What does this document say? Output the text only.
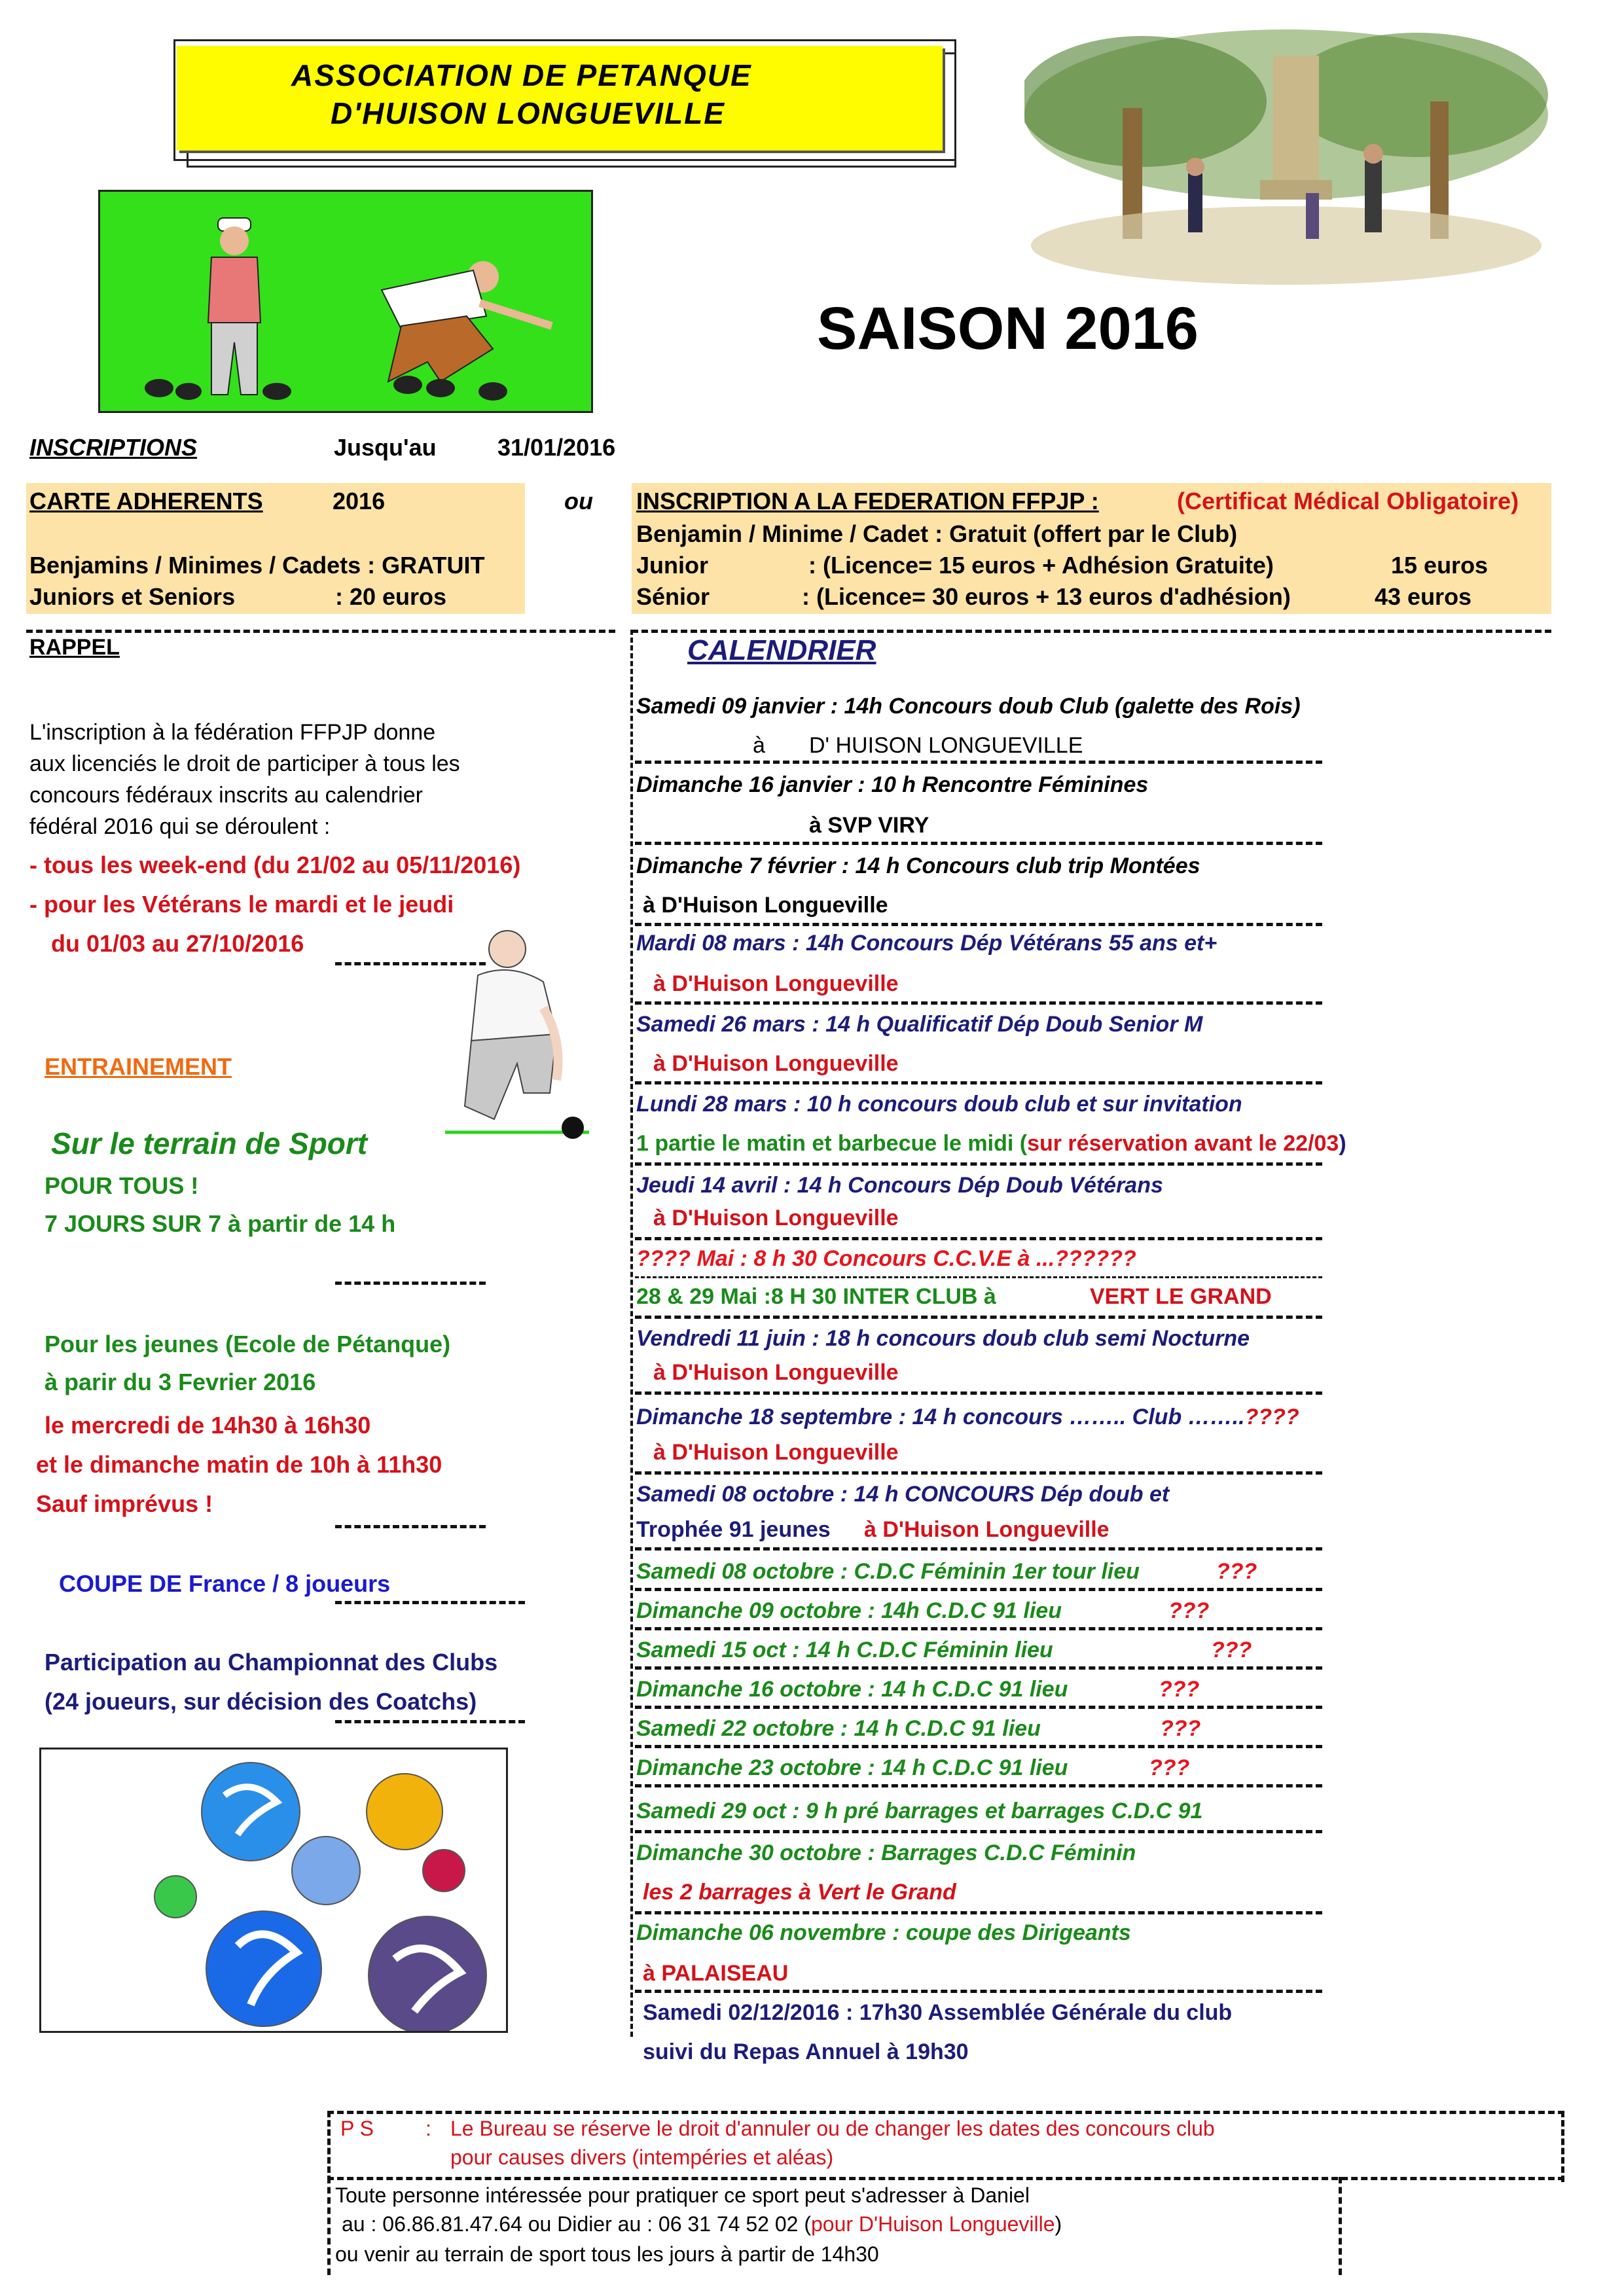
ASSOCIATION DE PETANQUE
D'HUISON LONGUEVILLE
SAISON 2016
INSCRIPTIONS	Jusqu'au	31/01/2016
CARTE ADHERENTS	2016	ou
Benjamins / Minimes / Cadets : GRATUIT
Juniors et Seniors	: 20 euros
INSCRIPTION A LA FEDERATION FFPJP :	(Certificat Médical Obligatoire)
Benjamin / Minime / Cadet : Gratuit (offert par le Club)
Junior	: (Licence= 15 euros + Adhésion Gratuite)	15 euros
Sénior	: (Licence= 30 euros + 13 euros d'adhésion)	43 euros
RAPPEL
L'inscription à la fédération FFPJP donne
aux licenciés le droit de participer à tous les
concours fédéraux inscrits au calendrier
fédéral 2016 qui se déroulent :
- tous les week-end (du 21/02 au 05/11/2016)
- pour les Vétérans le mardi et le jeudi
du 01/03 au 27/10/2016
ENTRAINEMENT
Sur le terrain de Sport
POUR TOUS !
7 JOURS SUR 7 à partir de 14 h
Pour les jeunes (Ecole de Pétanque)
à parir du 3 Fevrier 2016
le mercredi de 14h30 à 16h30
et le dimanche matin de 10h à 11h30
Sauf imprévus !
COUPE DE France / 8 joueurs
Participation au Championnat des Clubs
(24 joueurs, sur décision des Coatchs)
CALENDRIER
Samedi 09 janvier : 14h Concours doub Club (galette des Rois)
à D' HUISON LONGUEVILLE
Dimanche 16 janvier : 10 h Rencontre Féminines
à SVP VIRY
Dimanche 7 février : 14 h Concours club trip Montées
à D'Huison Longueville
Mardi 08 mars : 14h Concours Dép Vétérans 55 ans et+
à D'Huison Longueville
Samedi 26 mars : 14 h Qualificatif Dép Doub Senior M
à D'Huison Longueville
Lundi 28 mars : 10 h concours doub club et sur invitation
1 partie le matin et barbecue le midi (sur réservation avant le 22/03)
Jeudi 14 avril : 14 h Concours Dép Doub Vétérans
à D'Huison Longueville
???? Mai : 8 h 30 Concours C.C.V.E à ...??????
28 & 29 Mai :8 H 30 INTER CLUB à	VERT LE GRAND
Vendredi 11 juin : 18 h concours doub club semi Nocturne
à D'Huison Longueville
Dimanche 18 septembre : 14 h concours …….. Club ……..????
à D'Huison Longueville
Samedi 08 octobre : 14 h CONCOURS Dép doub et
Trophée 91 jeunes à D'Huison Longueville
Samedi 08 octobre : C.D.C Féminin 1er tour lieu	???
Dimanche 09 octobre : 14h C.D.C 91 lieu	???
Samedi 15 oct : 14 h C.D.C Féminin lieu	???
Dimanche 16 octobre : 14 h C.D.C 91 lieu	???
Samedi 22 octobre : 14 h C.D.C 91 lieu	???
Dimanche 23 octobre : 14 h C.D.C 91 lieu	???
Samedi 29 oct : 9 h pré barrages et barrages C.D.C 91
Dimanche 30 octobre : Barrages C.D.C Féminin
les 2 barrages à Vert le Grand
Dimanche 06 novembre : coupe des Dirigeants
à PALAISEAU
Samedi 02/12/2016 : 17h30 Assemblée Générale du club
suivi du Repas Annuel à 19h30
P S : Le Bureau se réserve le droit d'annuler ou de changer les dates des concours club
pour causes divers (intempéries et aléas)
Toute personne intéressée pour pratiquer ce sport peut s'adresser à Daniel
au : 06.86.81.47.64 ou Didier au : 06 31 74 52 02 (pour D'Huison Longueville)
ou venir au terrain de sport tous les jours à partir de 14h30
